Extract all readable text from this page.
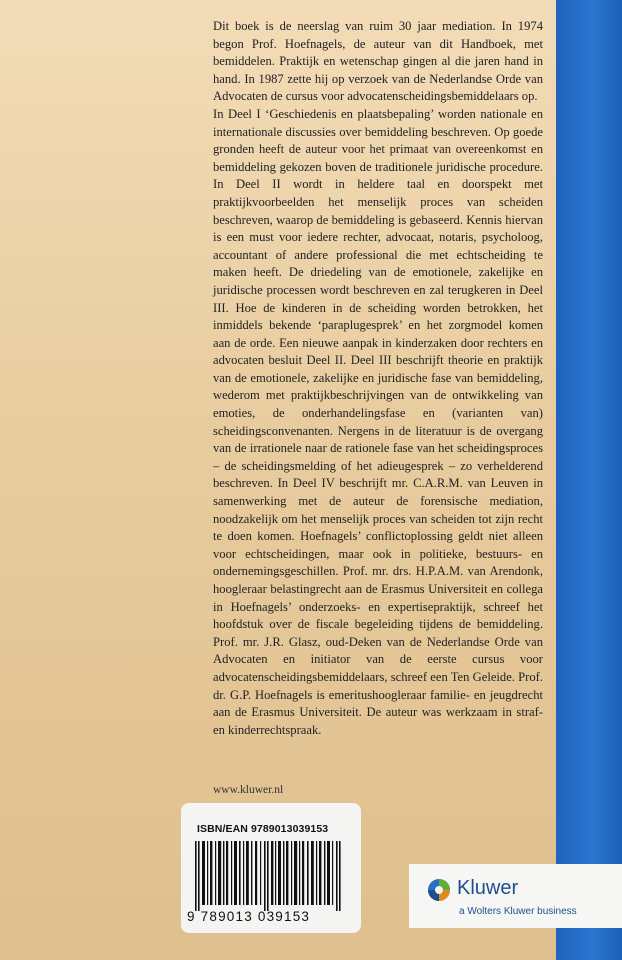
Dit boek is de neerslag van ruim 30 jaar mediation. In 1974 begon Prof. Hoefnagels, de auteur van dit Handboek, met bemiddelen. Praktijk en wetenschap gingen al die jaren hand in hand. In 1987 zette hij op verzoek van de Nederlandse Orde van Advocaten de cursus voor advocatenscheidingsbemiddelaars op.

In Deel I ‘Geschiedenis en plaatsbepaling’ worden nationale en internationale discussies over bemiddeling beschreven. Op goede gronden heeft de auteur voor het primaat van overeenkomst en bemiddeling gekozen boven de traditionele juridische procedure. In Deel II wordt in heldere taal en doorspekt met praktijkvoorbeelden het menselijk proces van scheiden beschreven, waarop de bemiddeling is gebaseerd. Kennis hiervan is een must voor iedere rechter, advocaat, notaris, psycholoog, accountant of andere professional die met echtscheiding te maken heeft. De driedeling van de emotionele, zakelijke en juridische processen wordt beschreven en zal terugkeren in Deel III. Hoe de kinderen in de scheiding worden betrokken, het inmiddels bekende ‘paraplugesprek’ en het zorgmodel komen aan de orde. Een nieuwe aanpak in kinderzaken door rechters en advocaten besluit Deel II. Deel III beschrijft theorie en praktijk van de emotionele, zakelijke en juridische fase van bemiddeling, wederom met praktijkbeschrijvingen van de ontwikkeling van emoties, de onderhandelingsfase en (varianten van) scheidingsconvenanten. Nergens in de literatuur is de overgang van de irrationele naar de rationele fase van het scheidingsproces – de scheidingsmelding of het adieugesprek – zo verhelderend beschreven. In Deel IV beschrijft mr. C.A.R.M. van Leuven in samenwerking met de auteur de forensische mediation, noodzakelijk om het menselijk proces van scheiden tot zijn recht te doen komen. Hoefnagels’ conflictoplossing geldt niet alleen voor echtscheidingen, maar ook in politieke, bestuurs- en ondernemingsgeschillen. Prof. mr. drs. H.P.A.M. van Arendonk, hoogleraar belastingrecht aan de Erasmus Universiteit en collega in Hoefnagels’ onderzoeks- en expertisepraktijk, schreef het hoofdstuk over de fiscale begeleiding tijdens de bemiddeling. Prof. mr. J.R. Glasz, oud-Deken van de Nederlandse Orde van Advocaten en initiator van de eerste cursus voor advocatenscheidingsbemiddelaars, schreef een Ten Geleide. Prof. dr. G.P. Hoefnagels is emeritushoogleraar familie- en jeugdrecht aan de Erasmus Universiteit. De auteur was werkzaam in straf- en kinderrechtspraak.

www.kluwer.nl
ISBN/EAN 9789013039153
9 789013 039153
Kluwer
a Wolters Kluwer business
